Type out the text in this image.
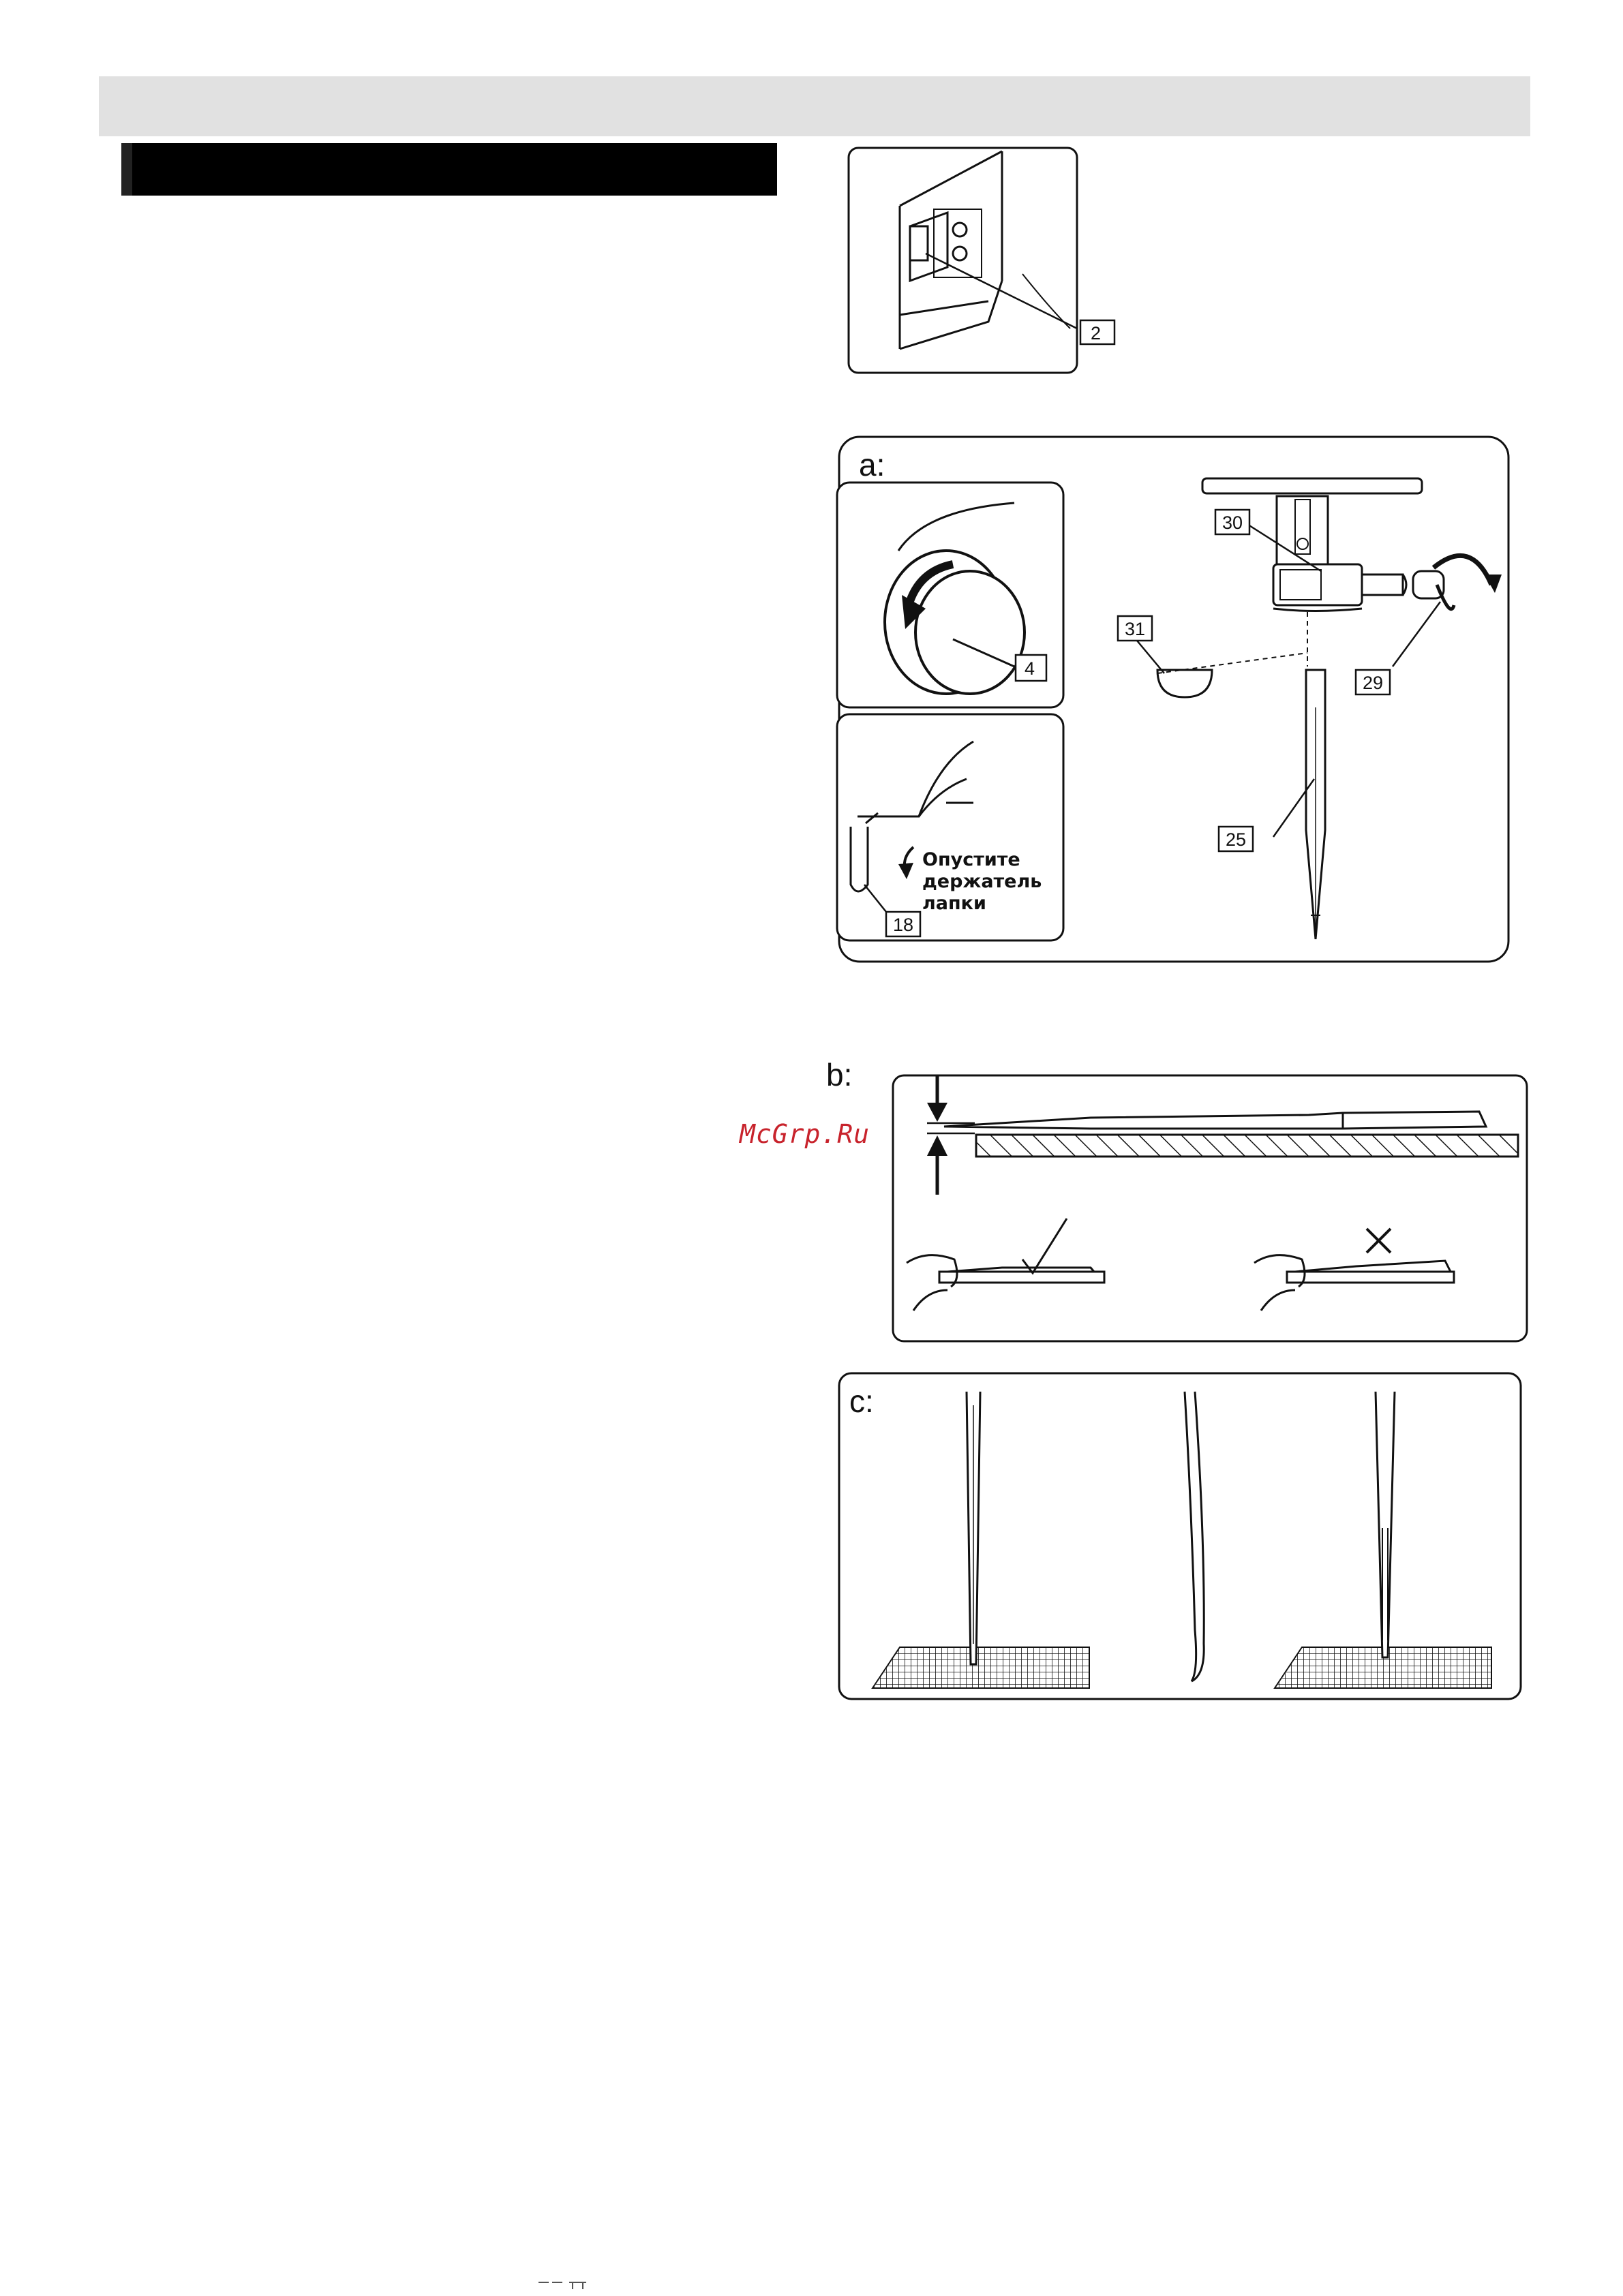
2
a:
4
Опустите
держатель
лапки
18
30
31
29
25
McGrp.Ru
b:
c:
